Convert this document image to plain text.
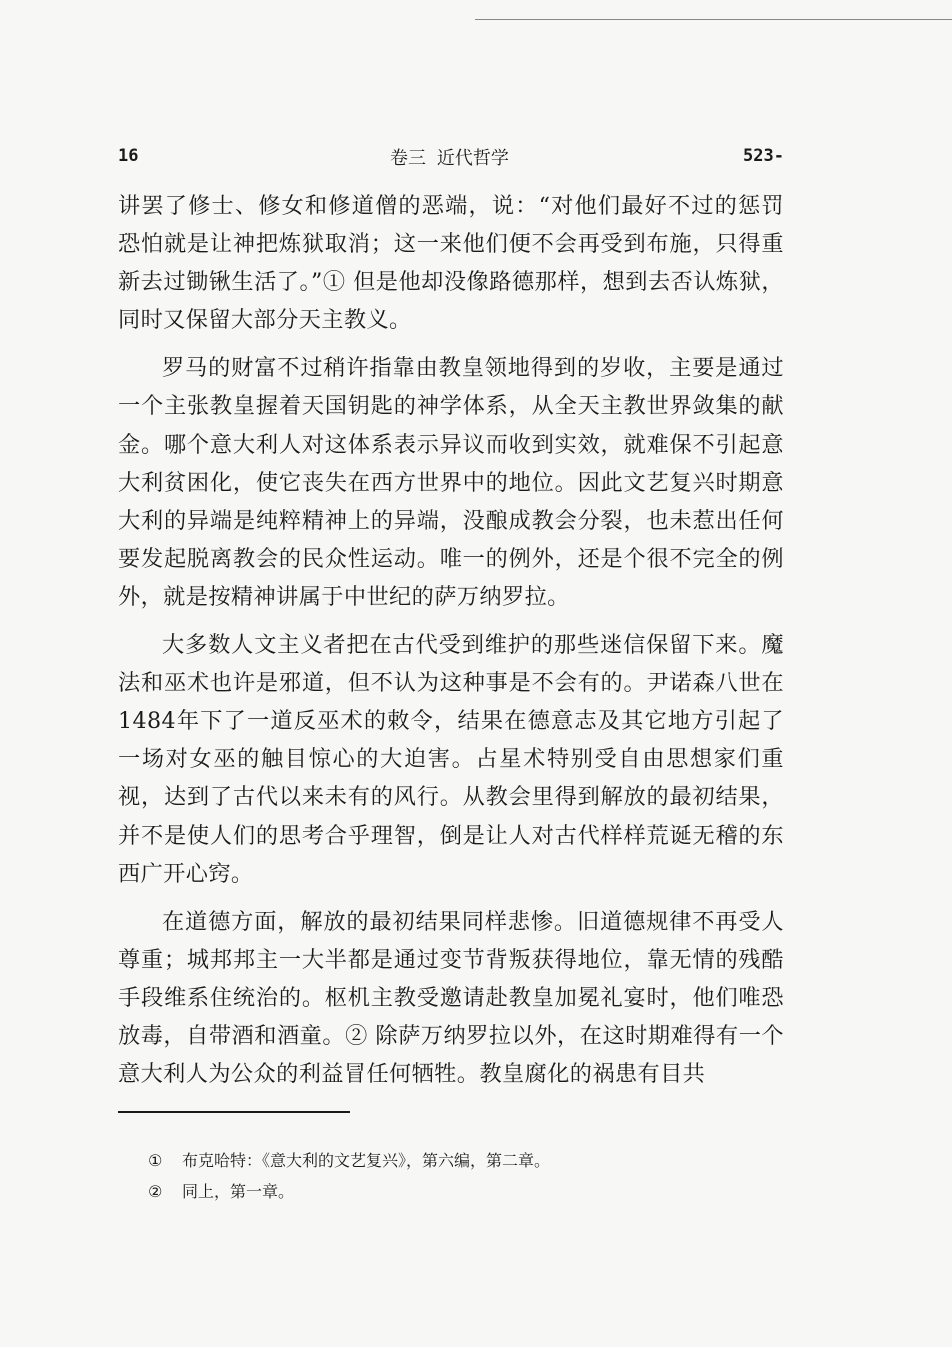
16	卷三 近代哲学	523-

讲罢了修士、修女和修道僧的恶端，说：“对他们最好不过的惩罚恐怕就是让神把炼狱取消；这一来他们便不会再受到布施，只得重新去过锄锹生活了。”① 但是他却没像路德那样，想到去否认炼狱，同时又保留大部分天主教义。

罗马的财富不过稍许指靠由教皇领地得到的岁收，主要是通过一个主张教皇握着天国钥匙的神学体系，从全天主教世界敛集的献金。哪个意大利人对这体系表示异议而收到实效，就难保不引起意大利贫困化，使它丧失在西方世界中的地位。因此文艺复兴时期意大利的异端是纯粹精神上的异端，没酿成教会分裂，也未惹出任何要发起脱离教会的民众性运动。唯一的例外，还是个很不完全的例外，就是按精神讲属于中世纪的萨万纳罗拉。

大多数人文主义者把在古代受到维护的那些迷信保留下来。魔法和巫术也许是邪道，但不认为这种事是不会有的。尹诺森八世在1484年下了一道反巫术的敕令，结果在德意志及其它地方引起了一场对女巫的触目惊心的大迫害。占星术特别受自由思想家们重视，达到了古代以来未有的风行。从教会里得到解放的最初结果，并不是使人们的思考合乎理智，倒是让人对古代样样荒诞无稽的东西广开心窍。

在道德方面，解放的最初结果同样悲惨。旧道德规律不再受人尊重；城邦邦主一大半都是通过变节背叛获得地位，靠无情的残酷手段维系住统治的。枢机主教受邀请赴教皇加冕礼宴时，他们唯恐放毒，自带酒和酒童。② 除萨万纳罗拉以外，在这时期难得有一个意大利人为公众的利益冒任何牺牲。教皇腐化的祸患有目共

①	布克哈特：《意大利的文艺复兴》，第六编，第二章。
②	同上，第一章。
